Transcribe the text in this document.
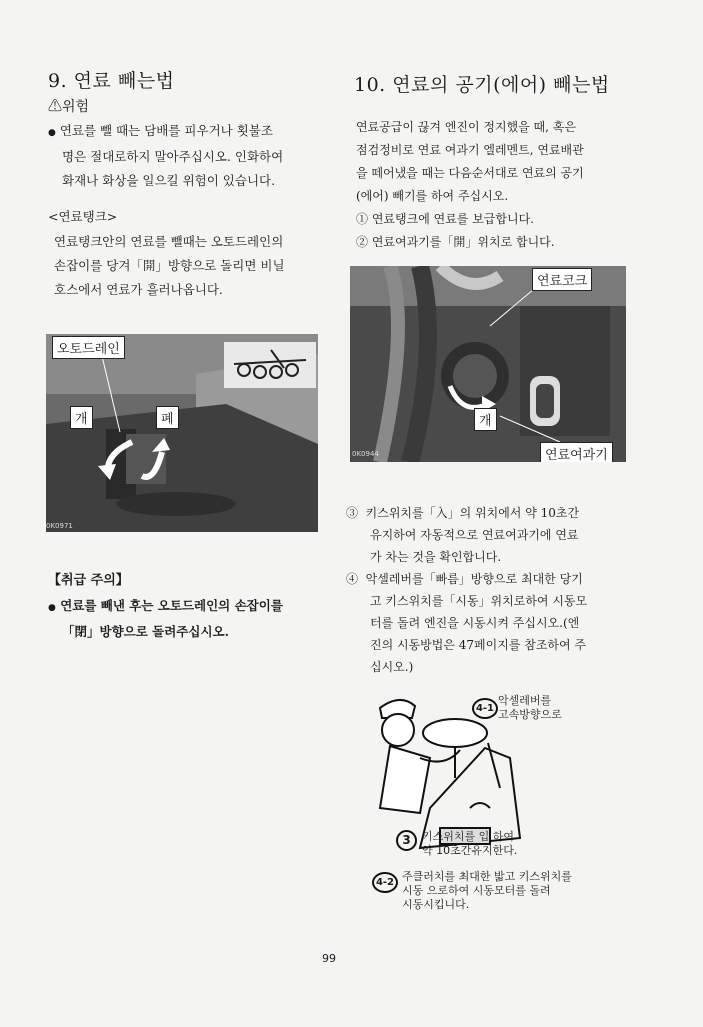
9. 연료 빼는법
⚠위험
● 연료를 뺄 때는 담배를 피우거나 횟불조
명은 절대로하지 말아주십시오. 인화하여
화재나 화상을 일으킬 위험이 있습니다.
<연료탱크>
연료탱크안의 연료를 뺄때는 오토드레인의
손잡이를 당겨「開」방향으로 돌리면 비닐
호스에서 연료가 흘러나옵니다.
오토드레인
개	폐
0K0971
【취급 주의】
● 연료를 빼낸 후는 오토드레인의 손잡이를
「閉」방향으로 돌려주십시오.
10. 연료의 공기(에어) 빼는법
연료공급이 끊겨 엔진이 정지했을 때, 혹은
점검정비로 연료 여과기 엘레멘트, 연료배관
을 떼어냈을 때는 다음순서대로 연료의 공기
(에어) 빼기를 하여 주십시오.
① 연료탱크에 연료를 보급합니다.
② 연료여과기를「開」위치로 합니다.
연료코크
개
연료여과기
0K0944
③ 키스위치를「入」의 위치에서 약 10초간
유지하여 자동적으로 연료여과기에 연료
가 차는 것을 확인합니다.
④ 악셀레버를「빠름」방향으로 최대한 당기
고 키스위치를「시동」위치로하여 시동모
터를 돌려 엔진을 시동시켜 주십시오.(엔
진의 시동방법은 47페이지를 참조하여 주
십시오.)
4-1
악셀레버를
고속방향으로
3	키스위치를 입 하여
약 10초간유지한다.
4-2 주클러치를 최대한 밟고 키스위치를
시동 으로하여 시동모터를 돌려
시동시킵니다.
99
